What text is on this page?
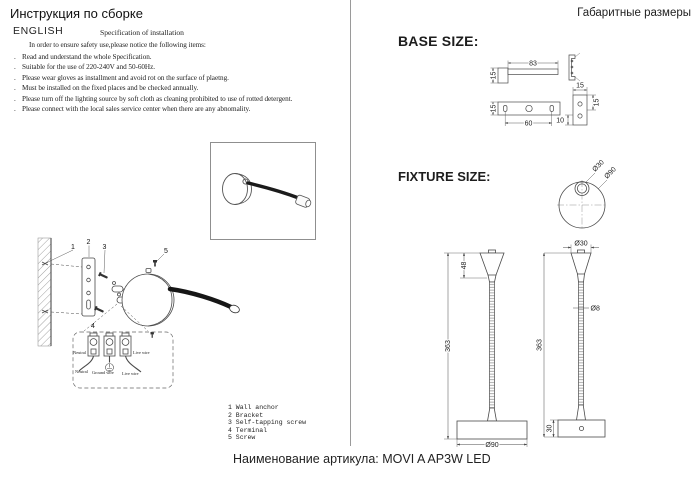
Инструкция по сборке
ENGLISH	Specification of installation
In order to ensure safety use,please notice the following items:
. Read and understand the whole Specification.
. Suitable for the use of 220-240V and 50-60Hz.
. Please wear gloves as installment and avoid rot on the surface of plaetng.
. Must be installed on the fixed places and be checked annually.
. Please turn off the lighting source by soft cloth as cleaning prohibited to use of rotted detergent.
. Please connect with the local sales service center when there are any abnomality.
1
2
3
5
4
Neutral	Live wire
Neutral Ground wire Live wire
1 Wall anchor
2 Bracket
3 Self-tapping screw
4 Terminal
5 Screw
Габаритные размеры
BASE SIZE:
FIXTURE SIZE:
83
15
15
60
15
15
10
363
48
Ø90
Ø30
Ø90
Ø30
Ø8
363
30
Наименование артикула: MOVI A AP3W LED
